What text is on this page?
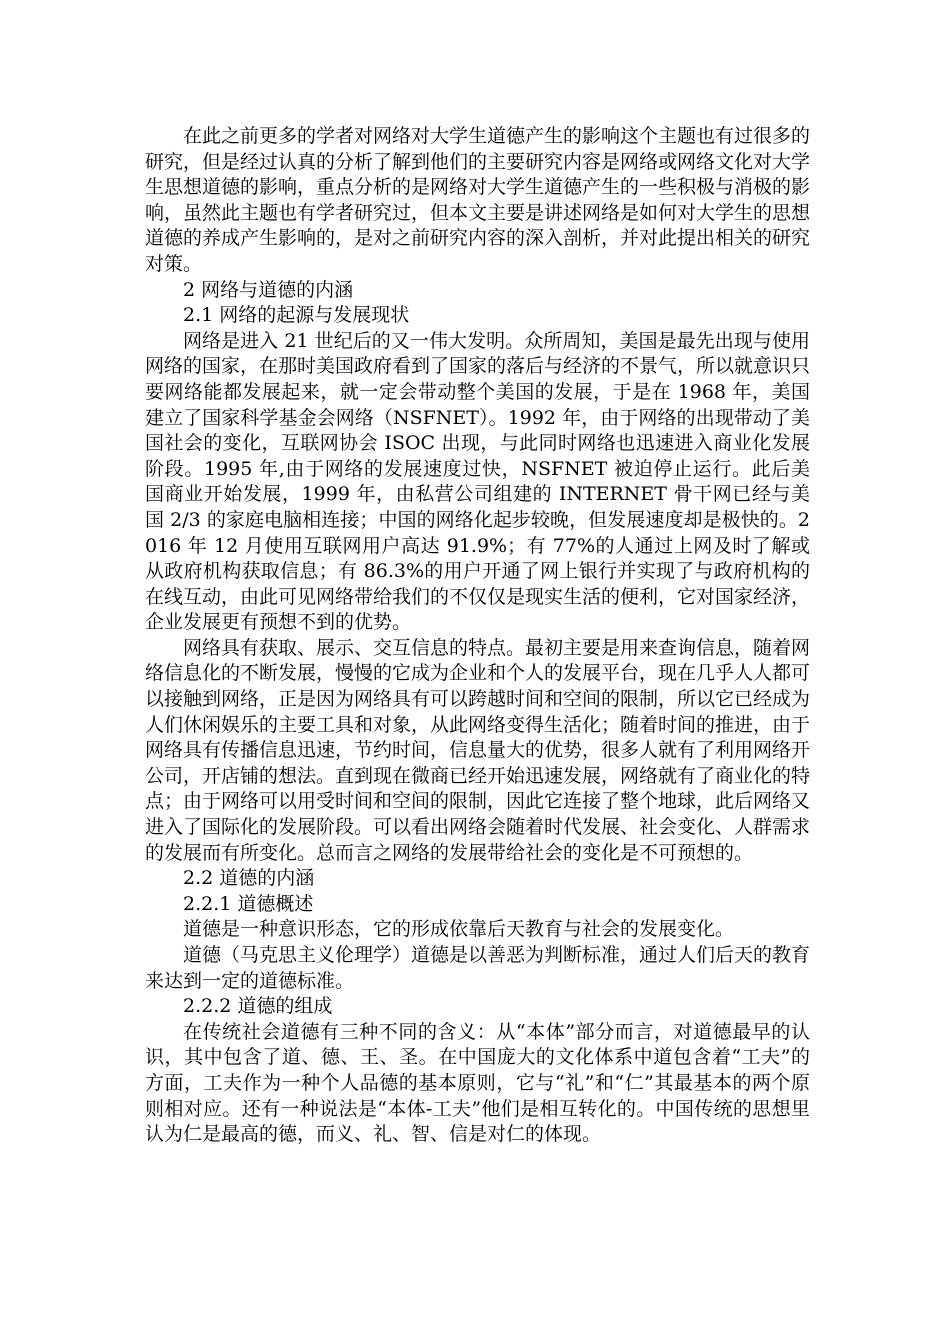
在此之前更多的学者对网络对大学生道德产生的影响这个主题也有过很多的研究，但是经过认真的分析了解到他们的主要研究内容是网络或网络文化对大学生思想道德的影响，重点分析的是网络对大学生道德产生的一些积极与消极的影响，虽然此主题也有学者研究过，但本文主要是讲述网络是如何对大学生的思想道德的养成产生影响的，是对之前研究内容的深入剖析，并对此提出相关的研究对策。

2 网络与道德的内涵

2.1 网络的起源与发展现状

网络是进入 21 世纪后的又一伟大发明。众所周知，美国是最先出现与使用网络的国家，在那时美国政府看到了国家的落后与经济的不景气，所以就意识只要网络能都发展起来，就一定会带动整个美国的发展，于是在 1968 年，美国建立了国家科学基金会网络（NSFNET）。1992 年，由于网络的出现带动了美国社会的变化，互联网协会 ISOC 出现，与此同时网络也迅速进入商业化发展阶段。1995 年,由于网络的发展速度过快，NSFNET 被迫停止运行。此后美国商业开始发展，1999 年，由私营公司组建的 INTERNET 骨干网已经与美国 2/3 的家庭电脑相连接；中国的网络化起步较晚，但发展速度却是极快的。2016 年 12 月使用互联网用户高达 91.9%；有 77%的人通过上网及时了解或从政府机构获取信息；有 86.3%的用户开通了网上银行并实现了与政府机构的在线互动，由此可见网络带给我们的不仅仅是现实生活的便利，它对国家经济，企业发展更有预想不到的优势。

网络具有获取、展示、交互信息的特点。最初主要是用来查询信息，随着网络信息化的不断发展，慢慢的它成为企业和个人的发展平台，现在几乎人人都可以接触到网络，正是因为网络具有可以跨越时间和空间的限制，所以它已经成为人们休闲娱乐的主要工具和对象，从此网络变得生活化；随着时间的推进，由于网络具有传播信息迅速，节约时间，信息量大的优势，很多人就有了利用网络开公司，开店铺的想法。直到现在微商已经开始迅速发展，网络就有了商业化的特点；由于网络可以用受时间和空间的限制，因此它连接了整个地球，此后网络又进入了国际化的发展阶段。可以看出网络会随着时代发展、社会变化、人群需求的发展而有所变化。总而言之网络的发展带给社会的变化是不可预想的。

2.2 道德的内涵

2.2.1 道德概述

道德是一种意识形态，它的形成依靠后天教育与社会的发展变化。

道德（马克思主义伦理学）道德是以善恶为判断标准，通过人们后天的教育来达到一定的道德标准。

2.2.2 道德的组成

在传统社会道德有三种不同的含义：从“本体”部分而言，对道德最早的认识，其中包含了道、德、王、圣。在中国庞大的文化体系中道包含着“工夫”的方面，工夫作为一种个人品德的基本原则，它与“礼”和“仁”其最基本的两个原则相对应。还有一种说法是“本体-工夫”他们是相互转化的。中国传统的思想里认为仁是最高的德，而义、礼、智、信是对仁的体现。
